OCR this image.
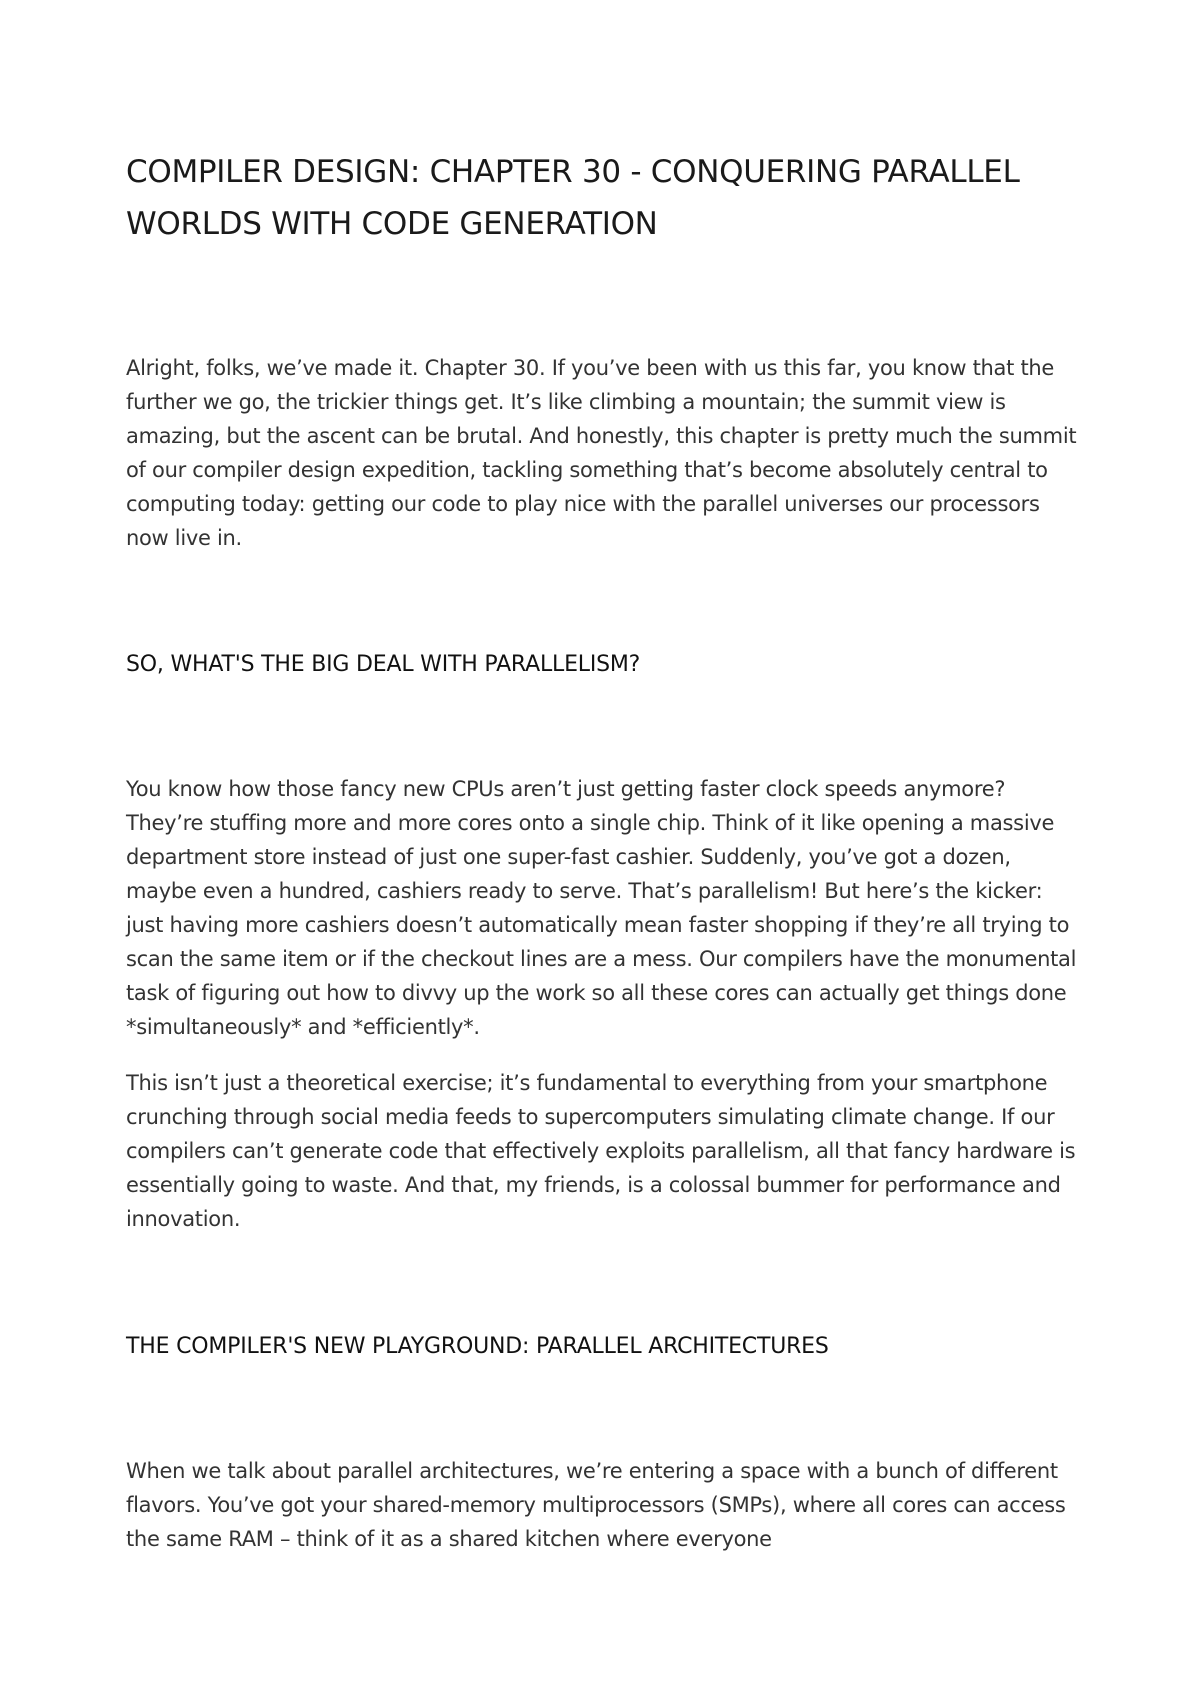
COMPILER DESIGN: CHAPTER 30 - CONQUERING PARALLEL WORLDS WITH CODE GENERATION

Alright, folks, we’ve made it. Chapter 30. If you’ve been with us this far, you know that the further we go, the trickier things get. It’s like climbing a mountain; the summit view is amazing, but the ascent can be brutal. And honestly, this chapter is pretty much the summit of our compiler design expedition, tackling something that’s become absolutely central to computing today: getting our code to play nice with the parallel universes our processors now live in.

SO, WHAT'S THE BIG DEAL WITH PARALLELISM?

You know how those fancy new CPUs aren’t just getting faster clock speeds anymore? They’re stuffing more and more cores onto a single chip. Think of it like opening a massive department store instead of just one super-fast cashier. Suddenly, you’ve got a dozen, maybe even a hundred, cashiers ready to serve. That’s parallelism! But here’s the kicker: just having more cashiers doesn’t automatically mean faster shopping if they’re all trying to scan the same item or if the checkout lines are a mess. Our compilers have the monumental task of figuring out how to divvy up the work so all these cores can actually get things done *simultaneously* and *efficiently*.

This isn’t just a theoretical exercise; it’s fundamental to everything from your smartphone crunching through social media feeds to supercomputers simulating climate change. If our compilers can’t generate code that effectively exploits parallelism, all that fancy hardware is essentially going to waste. And that, my friends, is a colossal bummer for performance and innovation.

THE COMPILER'S NEW PLAYGROUND: PARALLEL ARCHITECTURES

When we talk about parallel architectures, we’re entering a space with a bunch of different flavors. You’ve got your shared-memory multiprocessors (SMPs), where all cores can access the same RAM – think of it as a shared kitchen where everyone
